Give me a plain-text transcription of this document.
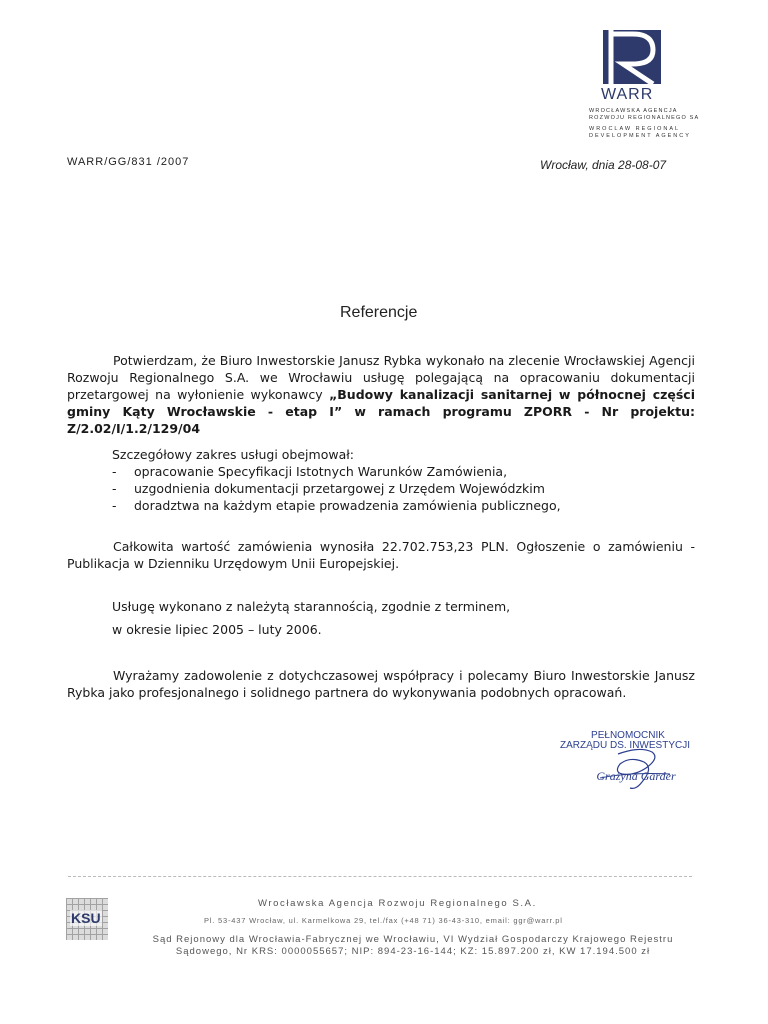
WARR
WROCŁAWSKA AGENCJA
ROZWOJU REGIONALNEGO SA
WROCLAW REGIONAL
DEVELOPMENT AGENCY
WARR/GG/831 /2007	Wrocław, dnia 28-08-07
Referencje
Potwierdzam, że Biuro Inwestorskie Janusz Rybka wykonało na zlecenie Wrocławskiej Agencji Rozwoju Regionalnego S.A. we Wrocławiu usługę polegającą na opracowaniu dokumentacji przetargowej na wyłonienie wykonawcy „Budowy kanalizacji sanitarnej w północnej części gminy Kąty Wrocławskie - etap I” w ramach programu ZPORR - Nr projektu: Z/2.02/I/1.2/129/04
Szczegółowy zakres usługi obejmował:
- opracowanie Specyfikacji Istotnych Warunków Zamówienia,
- uzgodnienia dokumentacji przetargowej z Urzędem Wojewódzkim
- doradztwa na każdym etapie prowadzenia zamówienia publicznego,
Całkowita wartość zamówienia wynosiła 22.702.753,23 PLN. Ogłoszenie o zamówieniu - Publikacja w Dzienniku Urzędowym Unii Europejskiej.
Usługę wykonano z należytą starannością, zgodnie z terminem,
w okresie lipiec 2005 – luty 2006.
Wyrażamy zadowolenie z dotychczasowej współpracy i polecamy Biuro Inwestorskie Janusz Rybka jako profesjonalnego i solidnego partnera do wykonywania podobnych opracowań.
PEŁNOMOCNIK
ZARZĄDU DS. INWESTYCJI
Grażyna Garder
KSU
Wrocławska Agencja Rozwoju Regionalnego S.A.
Pl. 53-437 Wrocław, ul. Karmelkowa 29, tel./fax (+48 71) 36-43-310, email: ggr@warr.pl
Sąd Rejonowy dla Wrocławia-Fabrycznej we Wrocławiu, VI Wydział Gospodarczy Krajowego Rejestru Sądowego, Nr KRS: 0000055657; NIP: 894-23-16-144; KZ: 15.897.200 zł, KW 17.194.500 zł
